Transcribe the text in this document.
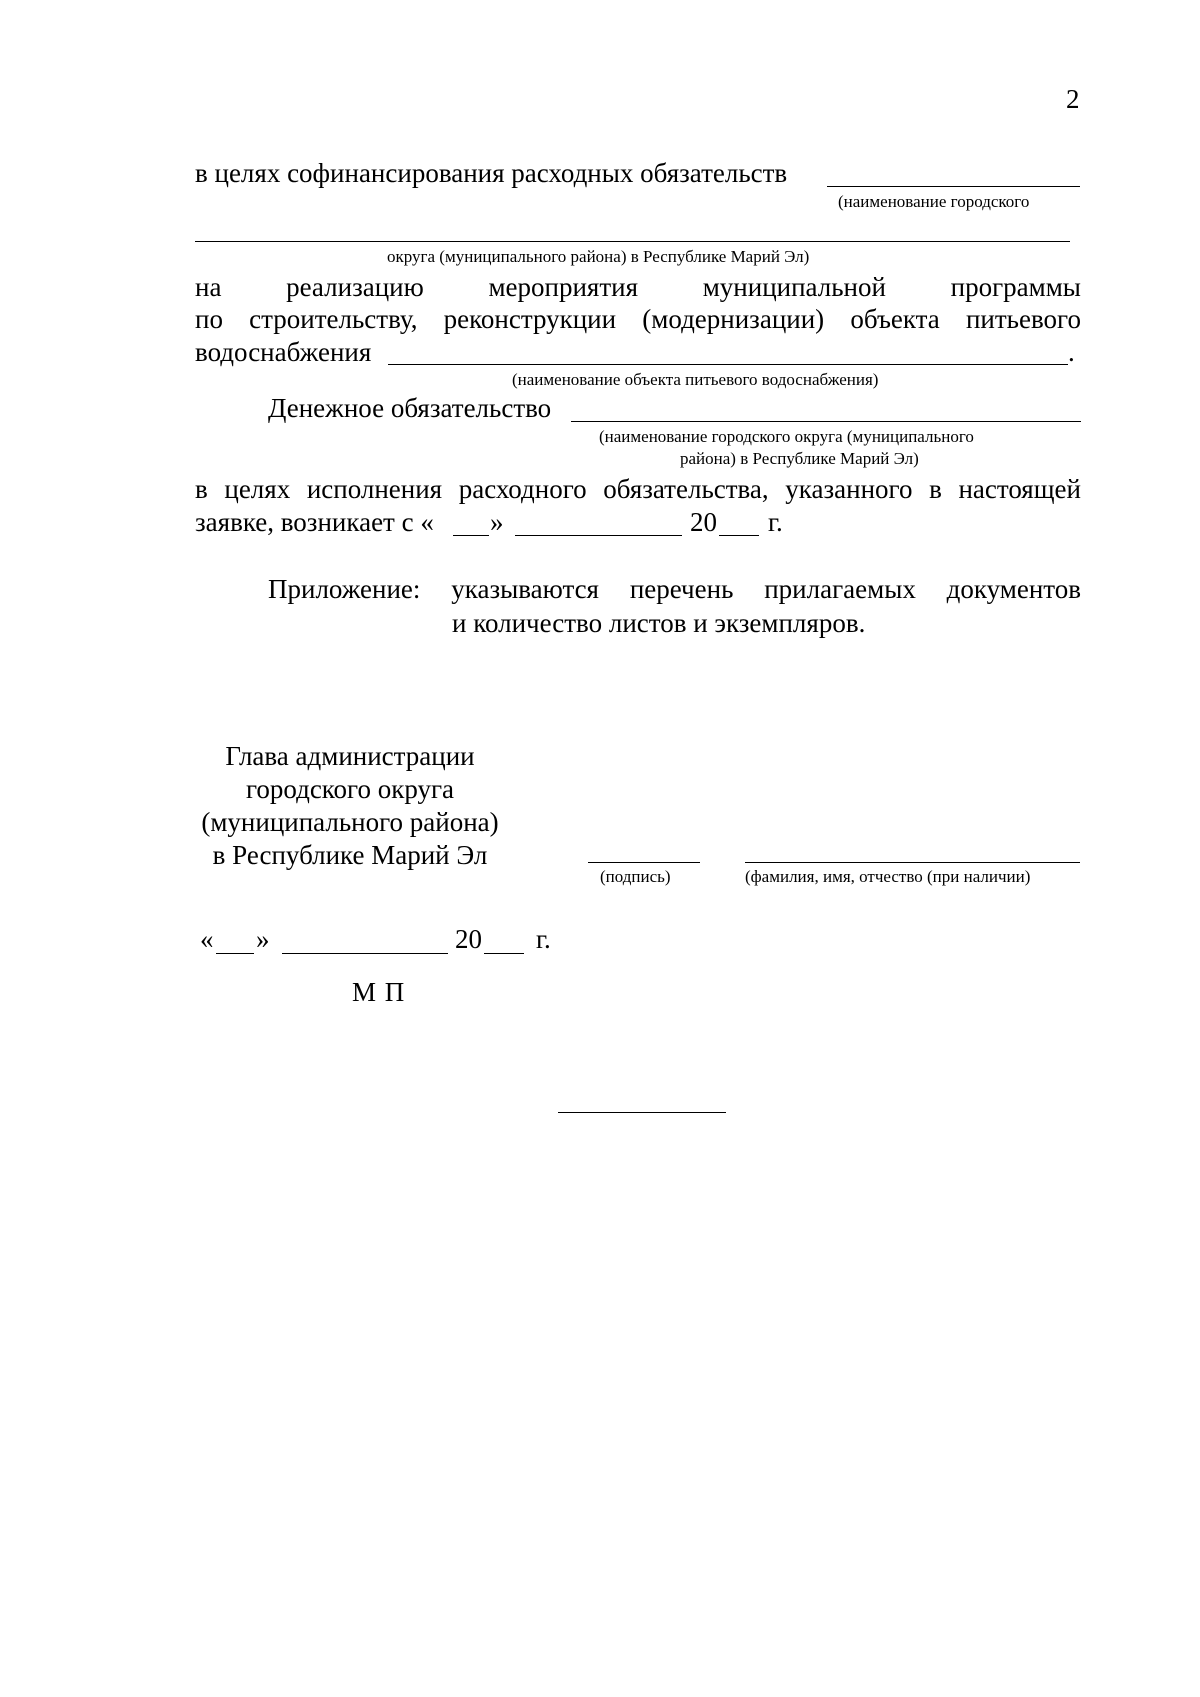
2
в целях софинансирования расходных обязательств
(наименование городского
округа (муниципального района) в Республике Марий Эл)
на реализацию мероприятия муниципальной программы
по строительству, реконструкции (модернизации) объекта питьевого
водоснабжения	.
(наименование объекта питьевого водоснабжения)
Денежное обязательство
(наименование городского округа (муниципального
района) в Республике Марий Эл)
в целях исполнения расходного обязательства, указанного в настоящей
заявке, возникает с « »	20 г.
Приложение: указываются перечень прилагаемых документов
и количество листов и экземпляров.
Глава администрации
городского округа
(муниципального района)
в Республике Марий Эл
(подпись)	(фамилия, имя, отчество (при наличии)
« »	20 г.
М П
